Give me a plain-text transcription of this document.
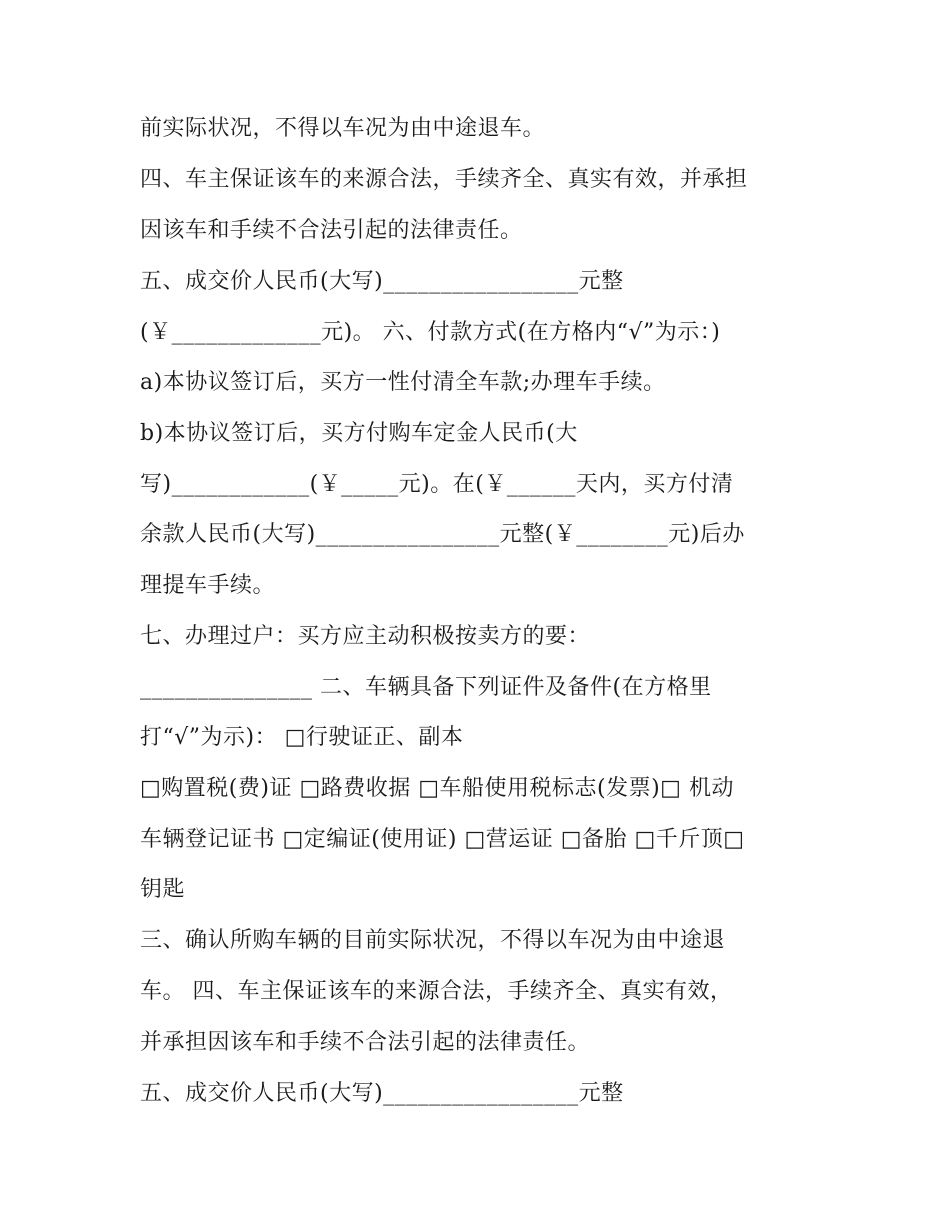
前实际状况，不得以车况为由中途退车。
四、车主保证该车的来源合法，手续齐全、真实有效，并承担
因该车和手续不合法引起的法律责任。
五、成交价人民币(大写)_________________元整
(￥_____________元)。 六、付款方式(在方格内“√”为示：)
a)本协议签订后，买方一性付清全车款;办理车手续。
b)本协议签订后，买方付购车定金人民币(大
写)____________(￥_____元)。在(￥______天内，买方付清
余款人民币(大写)________________元整(￥________元)后办
理提车手续。
七、办理过户：买方应主动积极按卖方的要：
_______________ 二、车辆具备下列证件及备件(在方格里
打“√”为示)： □行驶证正、副本
□购置税(费)证 □路费收据 □车船使用税标志(发票)□ 机动
车辆登记证书 □定编证(使用证) □营运证 □备胎 □千斤顶□
钥匙
三、确认所购车辆的目前实际状况，不得以车况为由中途退
车。 四、车主保证该车的来源合法，手续齐全、真实有效，
并承担因该车和手续不合法引起的法律责任。
五、成交价人民币(大写)_________________元整
